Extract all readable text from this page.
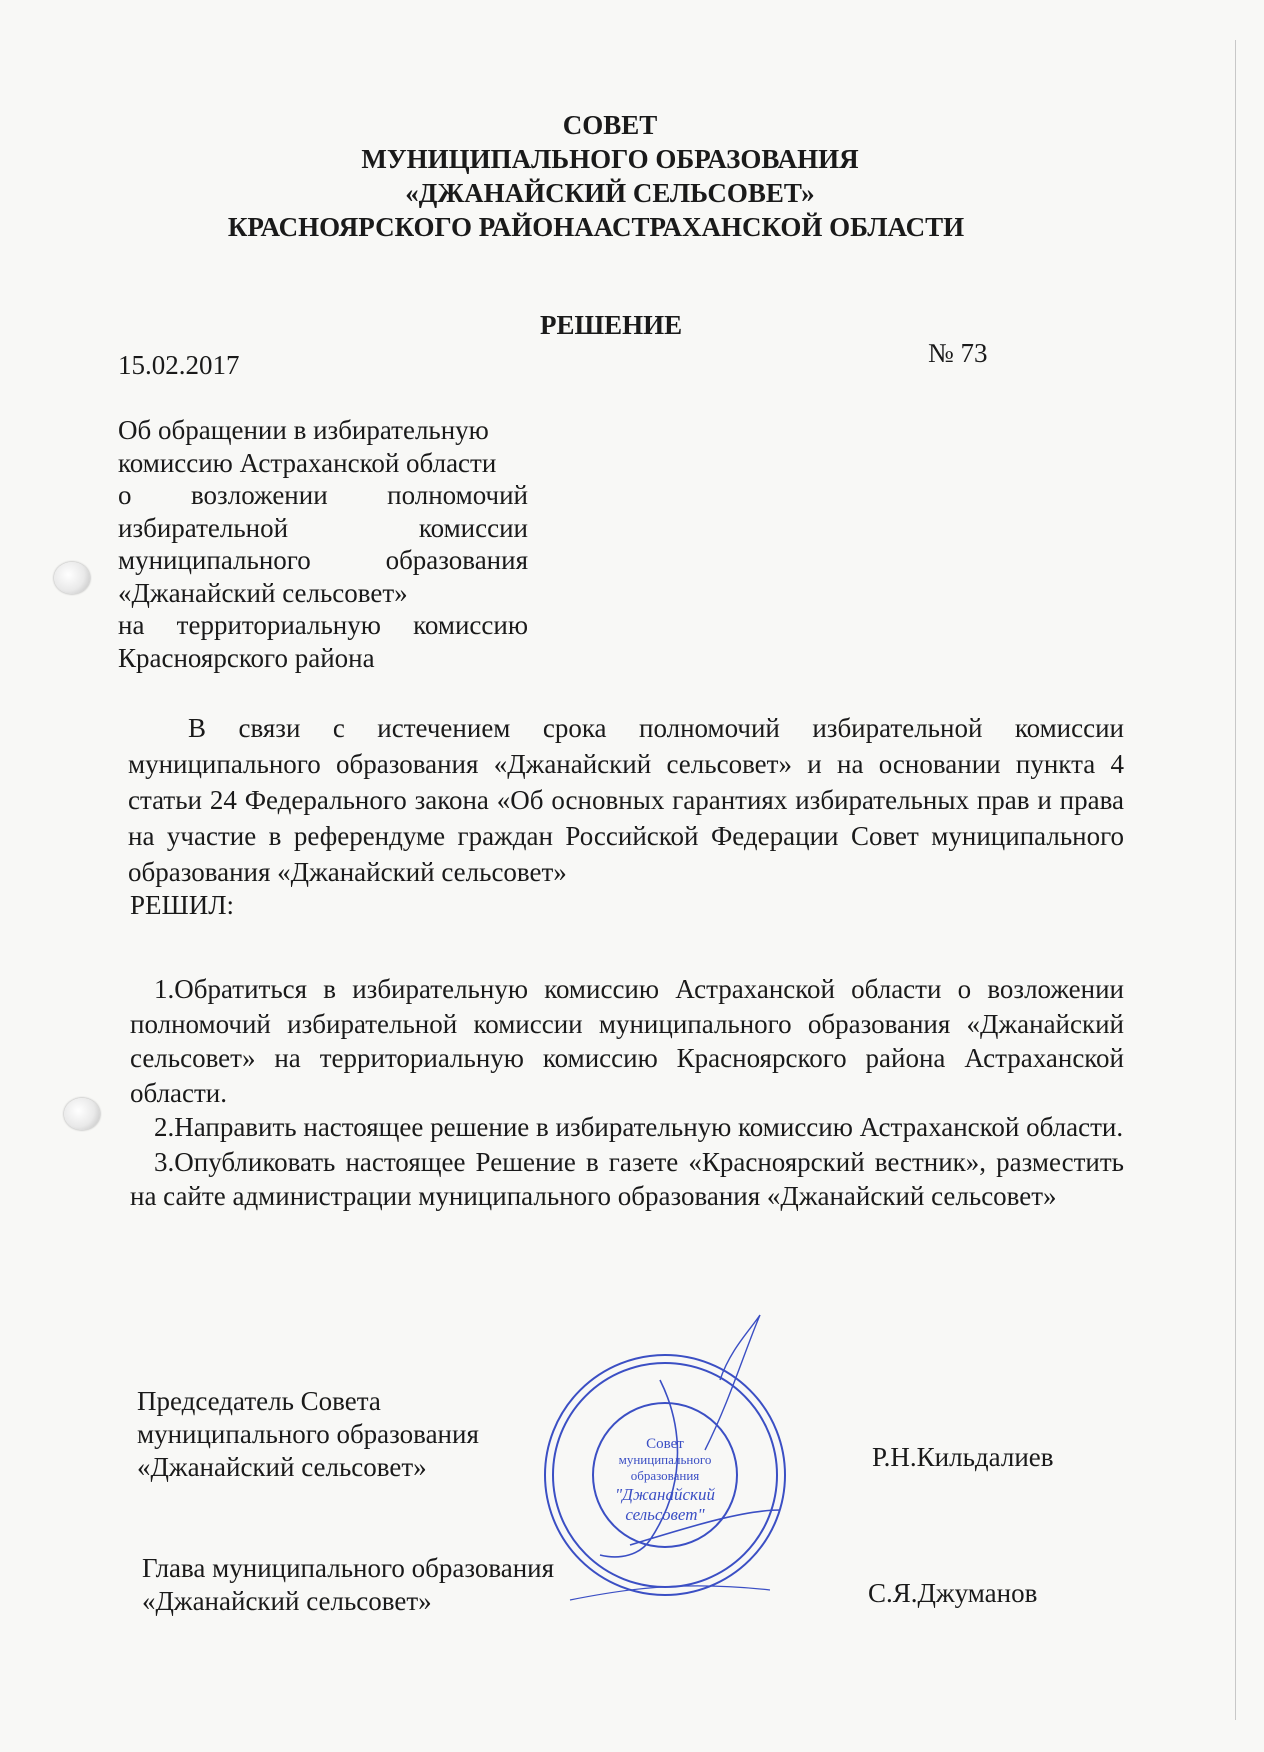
СОВЕТ
МУНИЦИПАЛЬНОГО ОБРАЗОВАНИЯ
«ДЖАНАЙСКИЙ СЕЛЬСОВЕТ»
КРАСНОЯРСКОГО РАЙОНААСТРАХАНСКОЙ ОБЛАСТИ
РЕШЕНИЕ
15.02.2017	№ 73
Об обращении в избирательную
комиссию Астраханской области
о возложении полномочий
избирательной комиссии
муниципального образования
«Джанайский сельсовет»
на территориальную комиссию
Красноярского района
В связи с истечением срока полномочий избирательной комиссии муниципального образования «Джанайский сельсовет» и на основании пункта 4 статьи 24 Федерального закона «Об основных гарантиях избирательных прав и права на участие в референдуме граждан Российской Федерации Совет муниципального образования «Джанайский сельсовет»
РЕШИЛ:

1.Обратиться в избирательную комиссию Астраханской области о возложении полномочий избирательной комиссии муниципального образования «Джанайский сельсовет» на территориальную комиссию Красноярского района Астраханской области.

2.Направить настоящее решение в избирательную комиссию Астраханской области.

3.Опубликовать настоящее Решение в газете «Красноярский вестник», разместить на сайте администрации муниципального образования «Джанайский сельсовет»

Председатель Совета
муниципального образования
«Джанайский сельсовет»	Р.Н.Кильдалиев
Глава муниципального образования
«Джанайский сельсовет»	С.Я.Джуманов
Совет
муниципального
образования
"Джанайский
сельсовет"
